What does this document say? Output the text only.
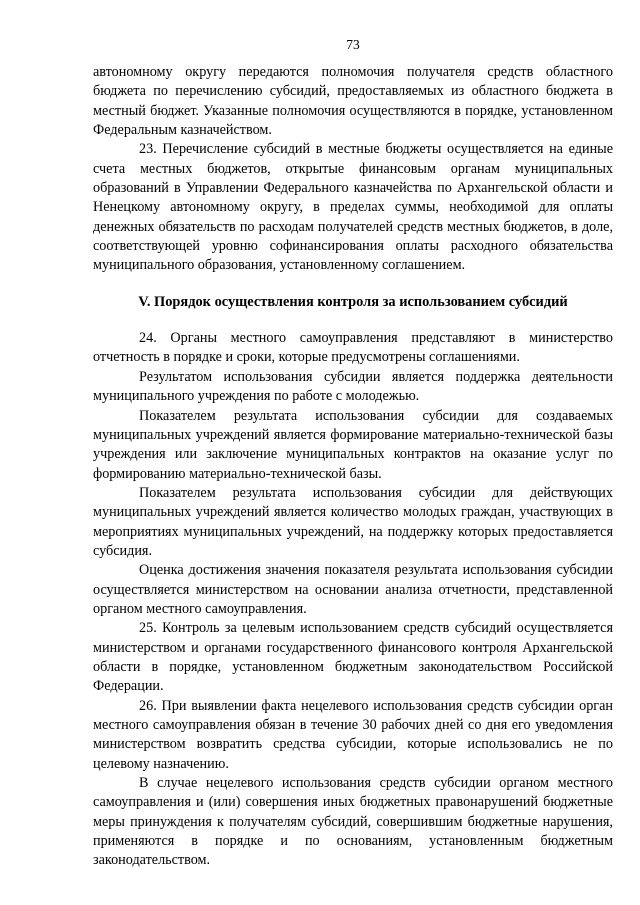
73

автономному округу передаются полномочия получателя средств областного бюджета по перечислению субсидий, предоставляемых из областного бюджета в местный бюджет. Указанные полномочия осуществляются в порядке, установленном Федеральным казначейством.

23. Перечисление субсидий в местные бюджеты осуществляется на единые счета местных бюджетов, открытые финансовым органам муниципальных образований в Управлении Федерального казначейства по Архангельской области и Ненецкому автономному округу, в пределах суммы, необходимой для оплаты денежных обязательств по расходам получателей средств местных бюджетов, в доле, соответствующей уровню софинансирования оплаты расходного обязательства муниципального образования, установленному соглашением.

V. Порядок осуществления контроля за использованием субсидий

24. Органы местного самоуправления представляют в министерство отчетность в порядке и сроки, которые предусмотрены соглашениями.

Результатом использования субсидии является поддержка деятельности муниципального учреждения по работе с молодежью.

Показателем результата использования субсидии для создаваемых муниципальных учреждений является формирование материально-технической базы учреждения или заключение муниципальных контрактов на оказание услуг по формированию материально-технической базы.

Показателем результата использования субсидии для действующих муниципальных учреждений является количество молодых граждан, участвующих в мероприятиях муниципальных учреждений, на поддержку которых предоставляется субсидия.

Оценка достижения значения показателя результата использования субсидии осуществляется министерством на основании анализа отчетности, представленной органом местного самоуправления.

25. Контроль за целевым использованием средств субсидий осуществляется министерством и органами государственного финансового контроля Архангельской области в порядке, установленном бюджетным законодательством Российской Федерации.

26. При выявлении факта нецелевого использования средств субсидии орган местного самоуправления обязан в течение 30 рабочих дней со дня его уведомления министерством возвратить средства субсидии, которые использовались не по целевому назначению.

В случае нецелевого использования средств субсидии органом местного самоуправления и (или) совершения иных бюджетных правонарушений бюджетные меры принуждения к получателям субсидий, совершившим бюджетные нарушения, применяются в порядке и по основаниям, установленным бюджетным законодательством.
